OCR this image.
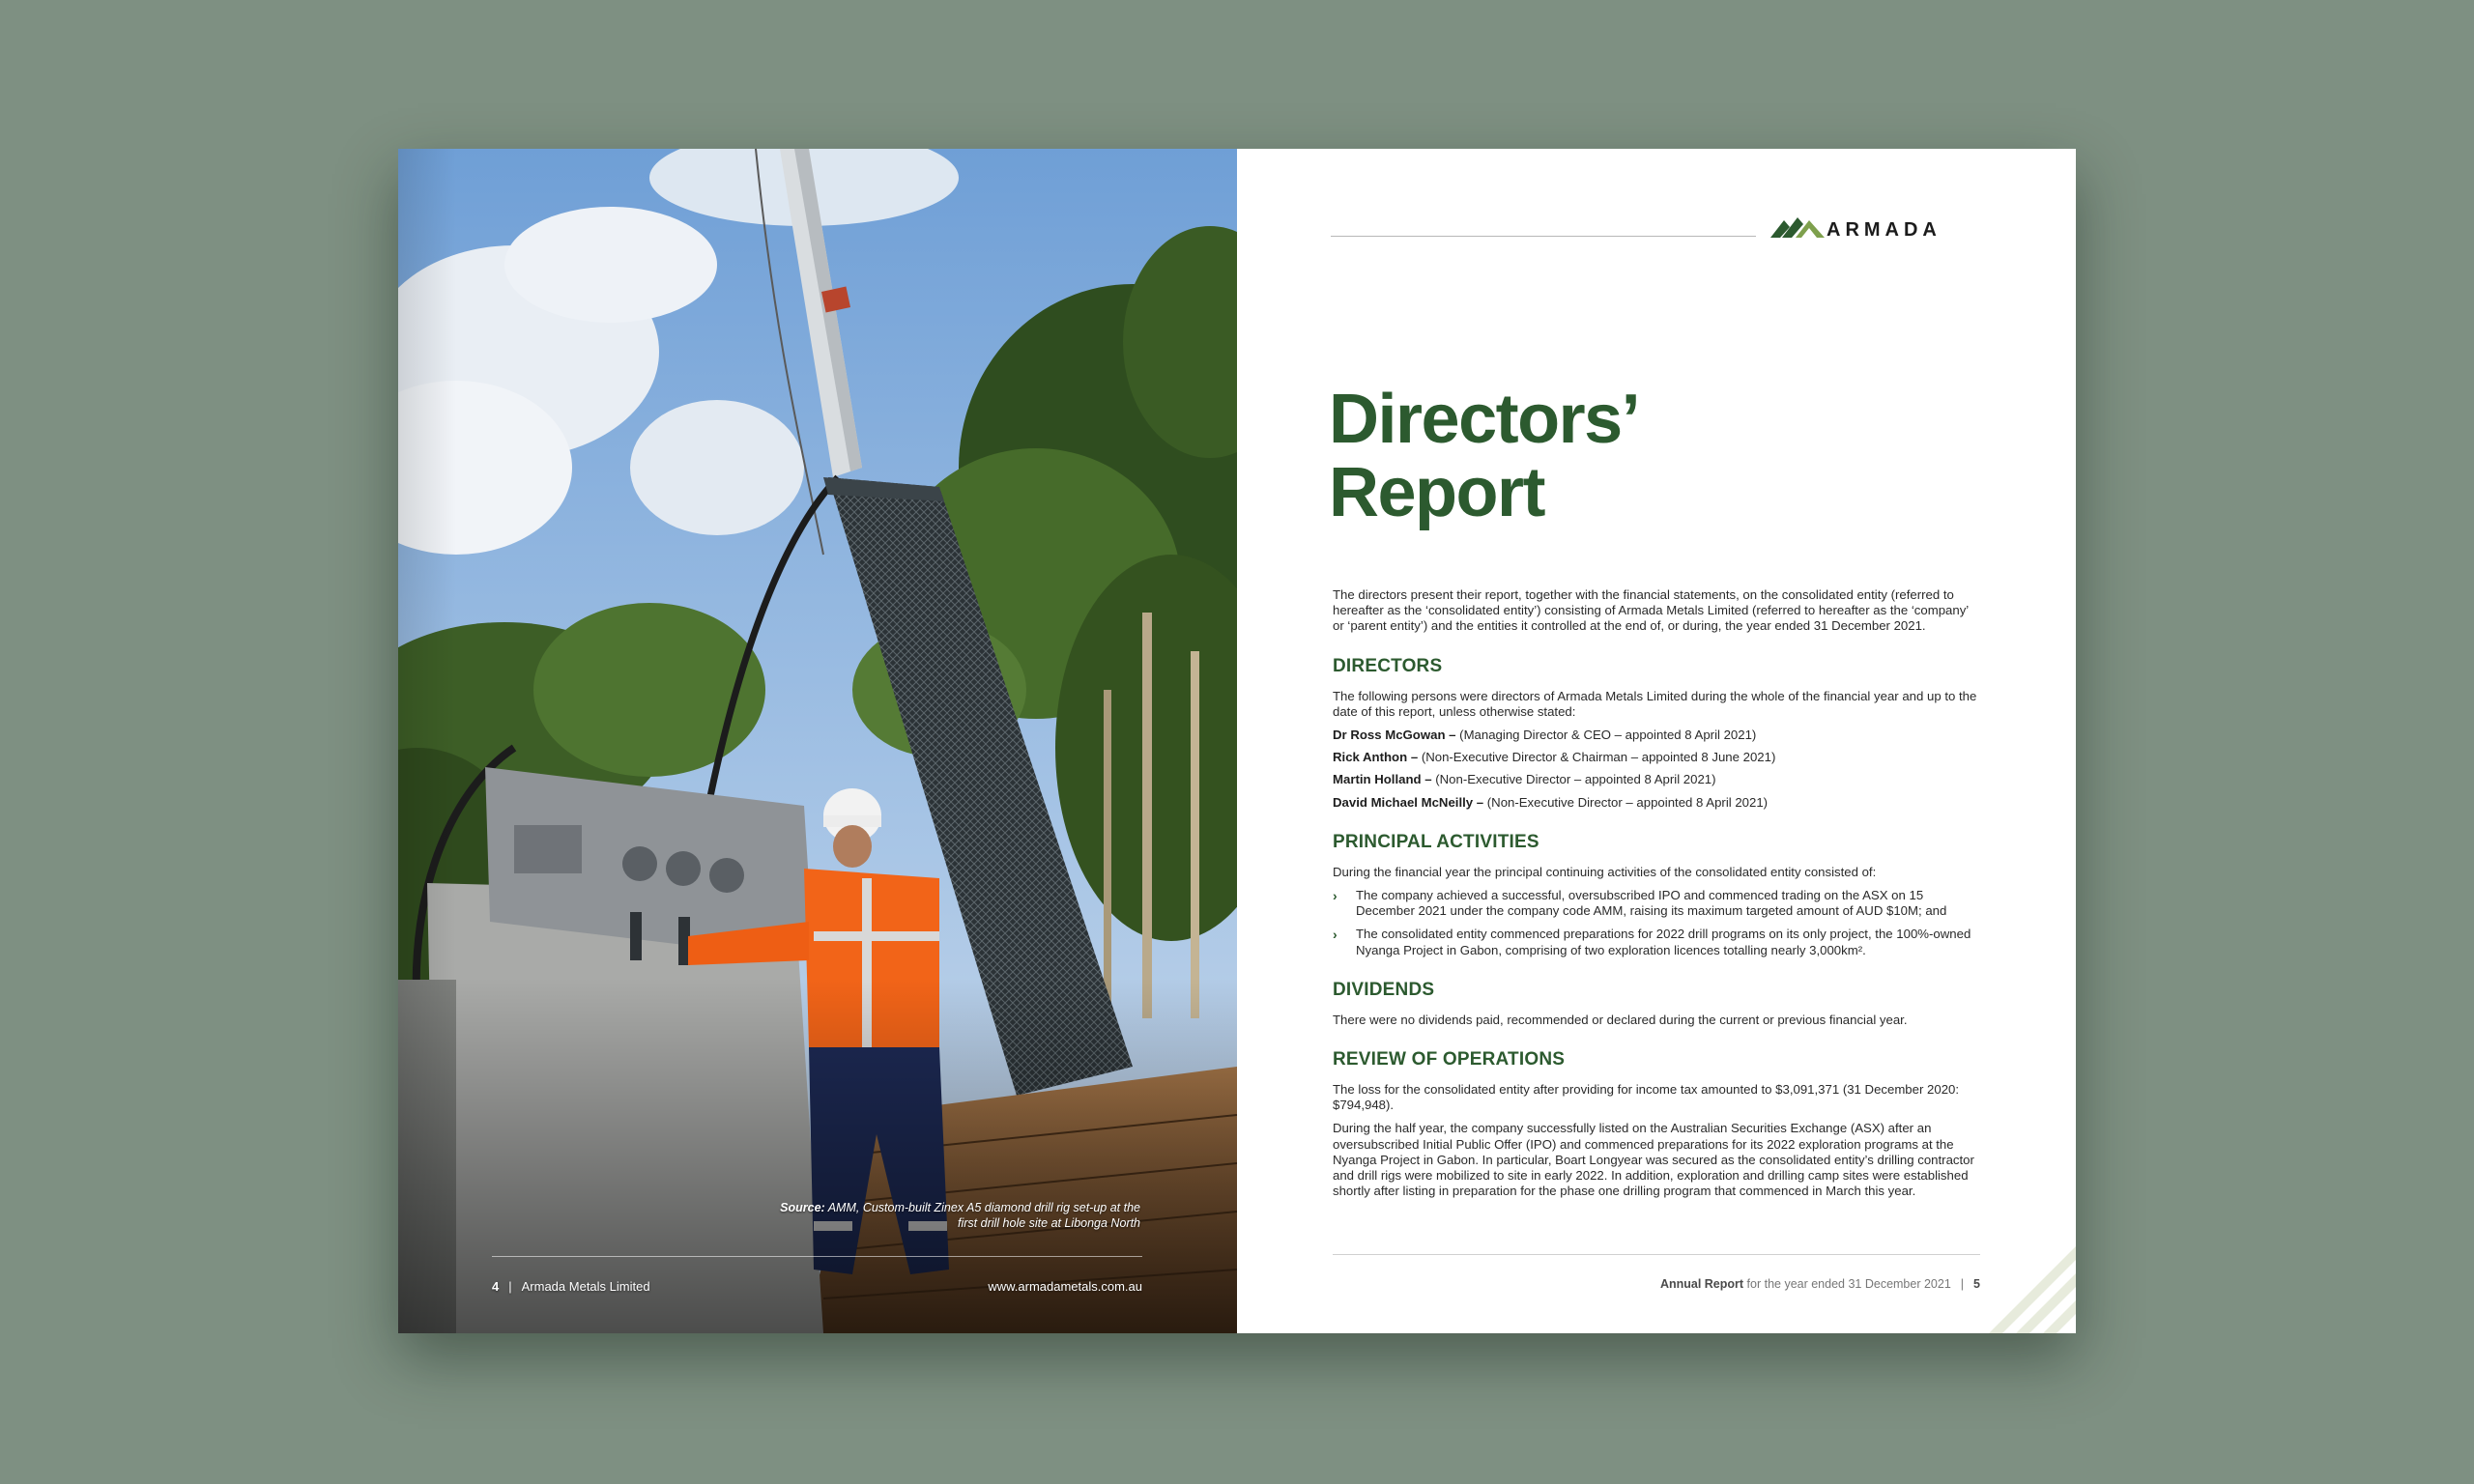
Source: AMM, Custom-built Zinex A5 diamond drill rig set-up at the first drill hole site at Libonga North
4 | Armada Metals Limited	www.armadametals.com.au
ARMADA
Directors’
Report

The directors present their report, together with the financial statements, on the consolidated entity (referred to hereafter as the ‘consolidated entity’) consisting of Armada Metals Limited (referred to hereafter as the ‘company’ or ‘parent entity’) and the entities it controlled at the end of, or during, the year ended 31 December 2021.

DIRECTORS

The following persons were directors of Armada Metals Limited during the whole of the financial year and up to the date of this report, unless otherwise stated:

Dr Ross McGowan – (Managing Director & CEO – appointed 8 April 2021)
Rick Anthon – (Non-Executive Director & Chairman – appointed 8 June 2021)
Martin Holland – (Non-Executive Director – appointed 8 April 2021)
David Michael McNeilly – (Non-Executive Director – appointed 8 April 2021)
PRINCIPAL ACTIVITIES

During the financial year the principal continuing activities of the consolidated entity consisted of:

› The company achieved a successful, oversubscribed IPO and commenced trading on the ASX on 15 December 2021 under the company code AMM, raising its maximum targeted amount of AUD $10M; and
› The consolidated entity commenced preparations for 2022 drill programs on its only project, the 100%-owned Nyanga Project in Gabon, comprising of two exploration licences totalling nearly 3,000km².
DIVIDENDS

There were no dividends paid, recommended or declared during the current or previous financial year.

REVIEW OF OPERATIONS

The loss for the consolidated entity after providing for income tax amounted to $3,091,371 (31 December 2020: $794,948).

During the half year, the company successfully listed on the Australian Securities Exchange (ASX) after an oversubscribed Initial Public Offer (IPO) and commenced preparations for its 2022 exploration programs at the Nyanga Project in Gabon. In particular, Boart Longyear was secured as the consolidated entity’s drilling contractor and drill rigs were mobilized to site in early 2022. In addition, exploration and drilling camp sites were established shortly after listing in preparation for the phase one drilling program that commenced in March this year.

Annual Report for the year ended 31 December 2021 | 5
